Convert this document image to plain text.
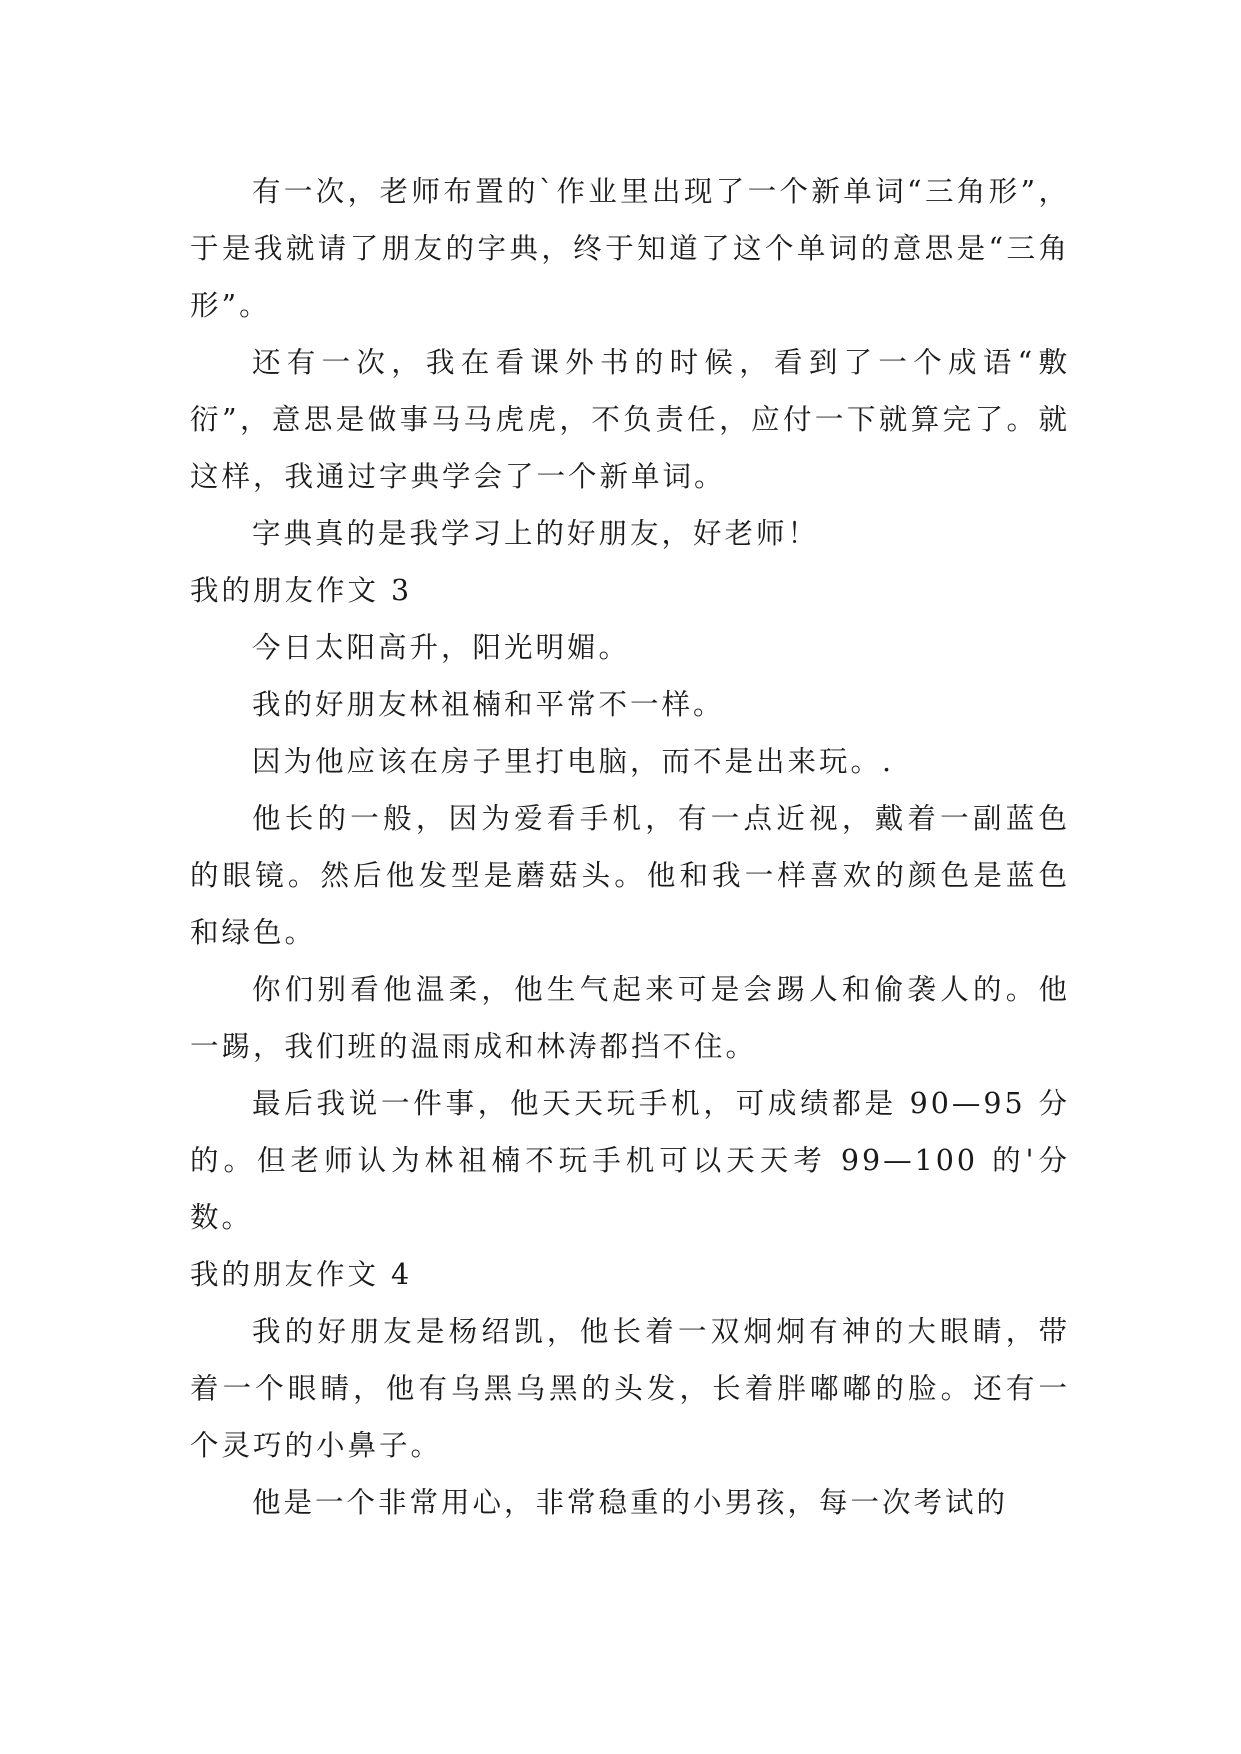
有一次，老师布置的`作业里出现了一个新单词“三角形”，于是我就请了朋友的字典，终于知道了这个单词的意思是“三角形”。

还有一次，我在看课外书的时候，看到了一个成语“敷衍”，意思是做事马马虎虎，不负责任，应付一下就算完了。就这样，我通过字典学会了一个新单词。

字典真的是我学习上的好朋友，好老师！

我的朋友作文 3

今日太阳高升，阳光明媚。

我的好朋友林祖楠和平常不一样。

因为他应该在房子里打电脑，而不是出来玩。.

他长的一般，因为爱看手机，有一点近视，戴着一副蓝色的眼镜。然后他发型是蘑菇头。他和我一样喜欢的颜色是蓝色和绿色。

你们别看他温柔，他生气起来可是会踢人和偷袭人的。他一踢，我们班的温雨成和林涛都挡不住。

最后我说一件事，他天天玩手机，可成绩都是 90—95 分的。但老师认为林祖楠不玩手机可以天天考 99—100 的'分数。

我的朋友作文 4

我的好朋友是杨绍凯，他长着一双炯炯有神的大眼睛，带着一个眼睛，他有乌黑乌黑的头发，长着胖嘟嘟的脸。还有一个灵巧的小鼻子。

他是一个非常用心，非常稳重的小男孩，每一次考试的
